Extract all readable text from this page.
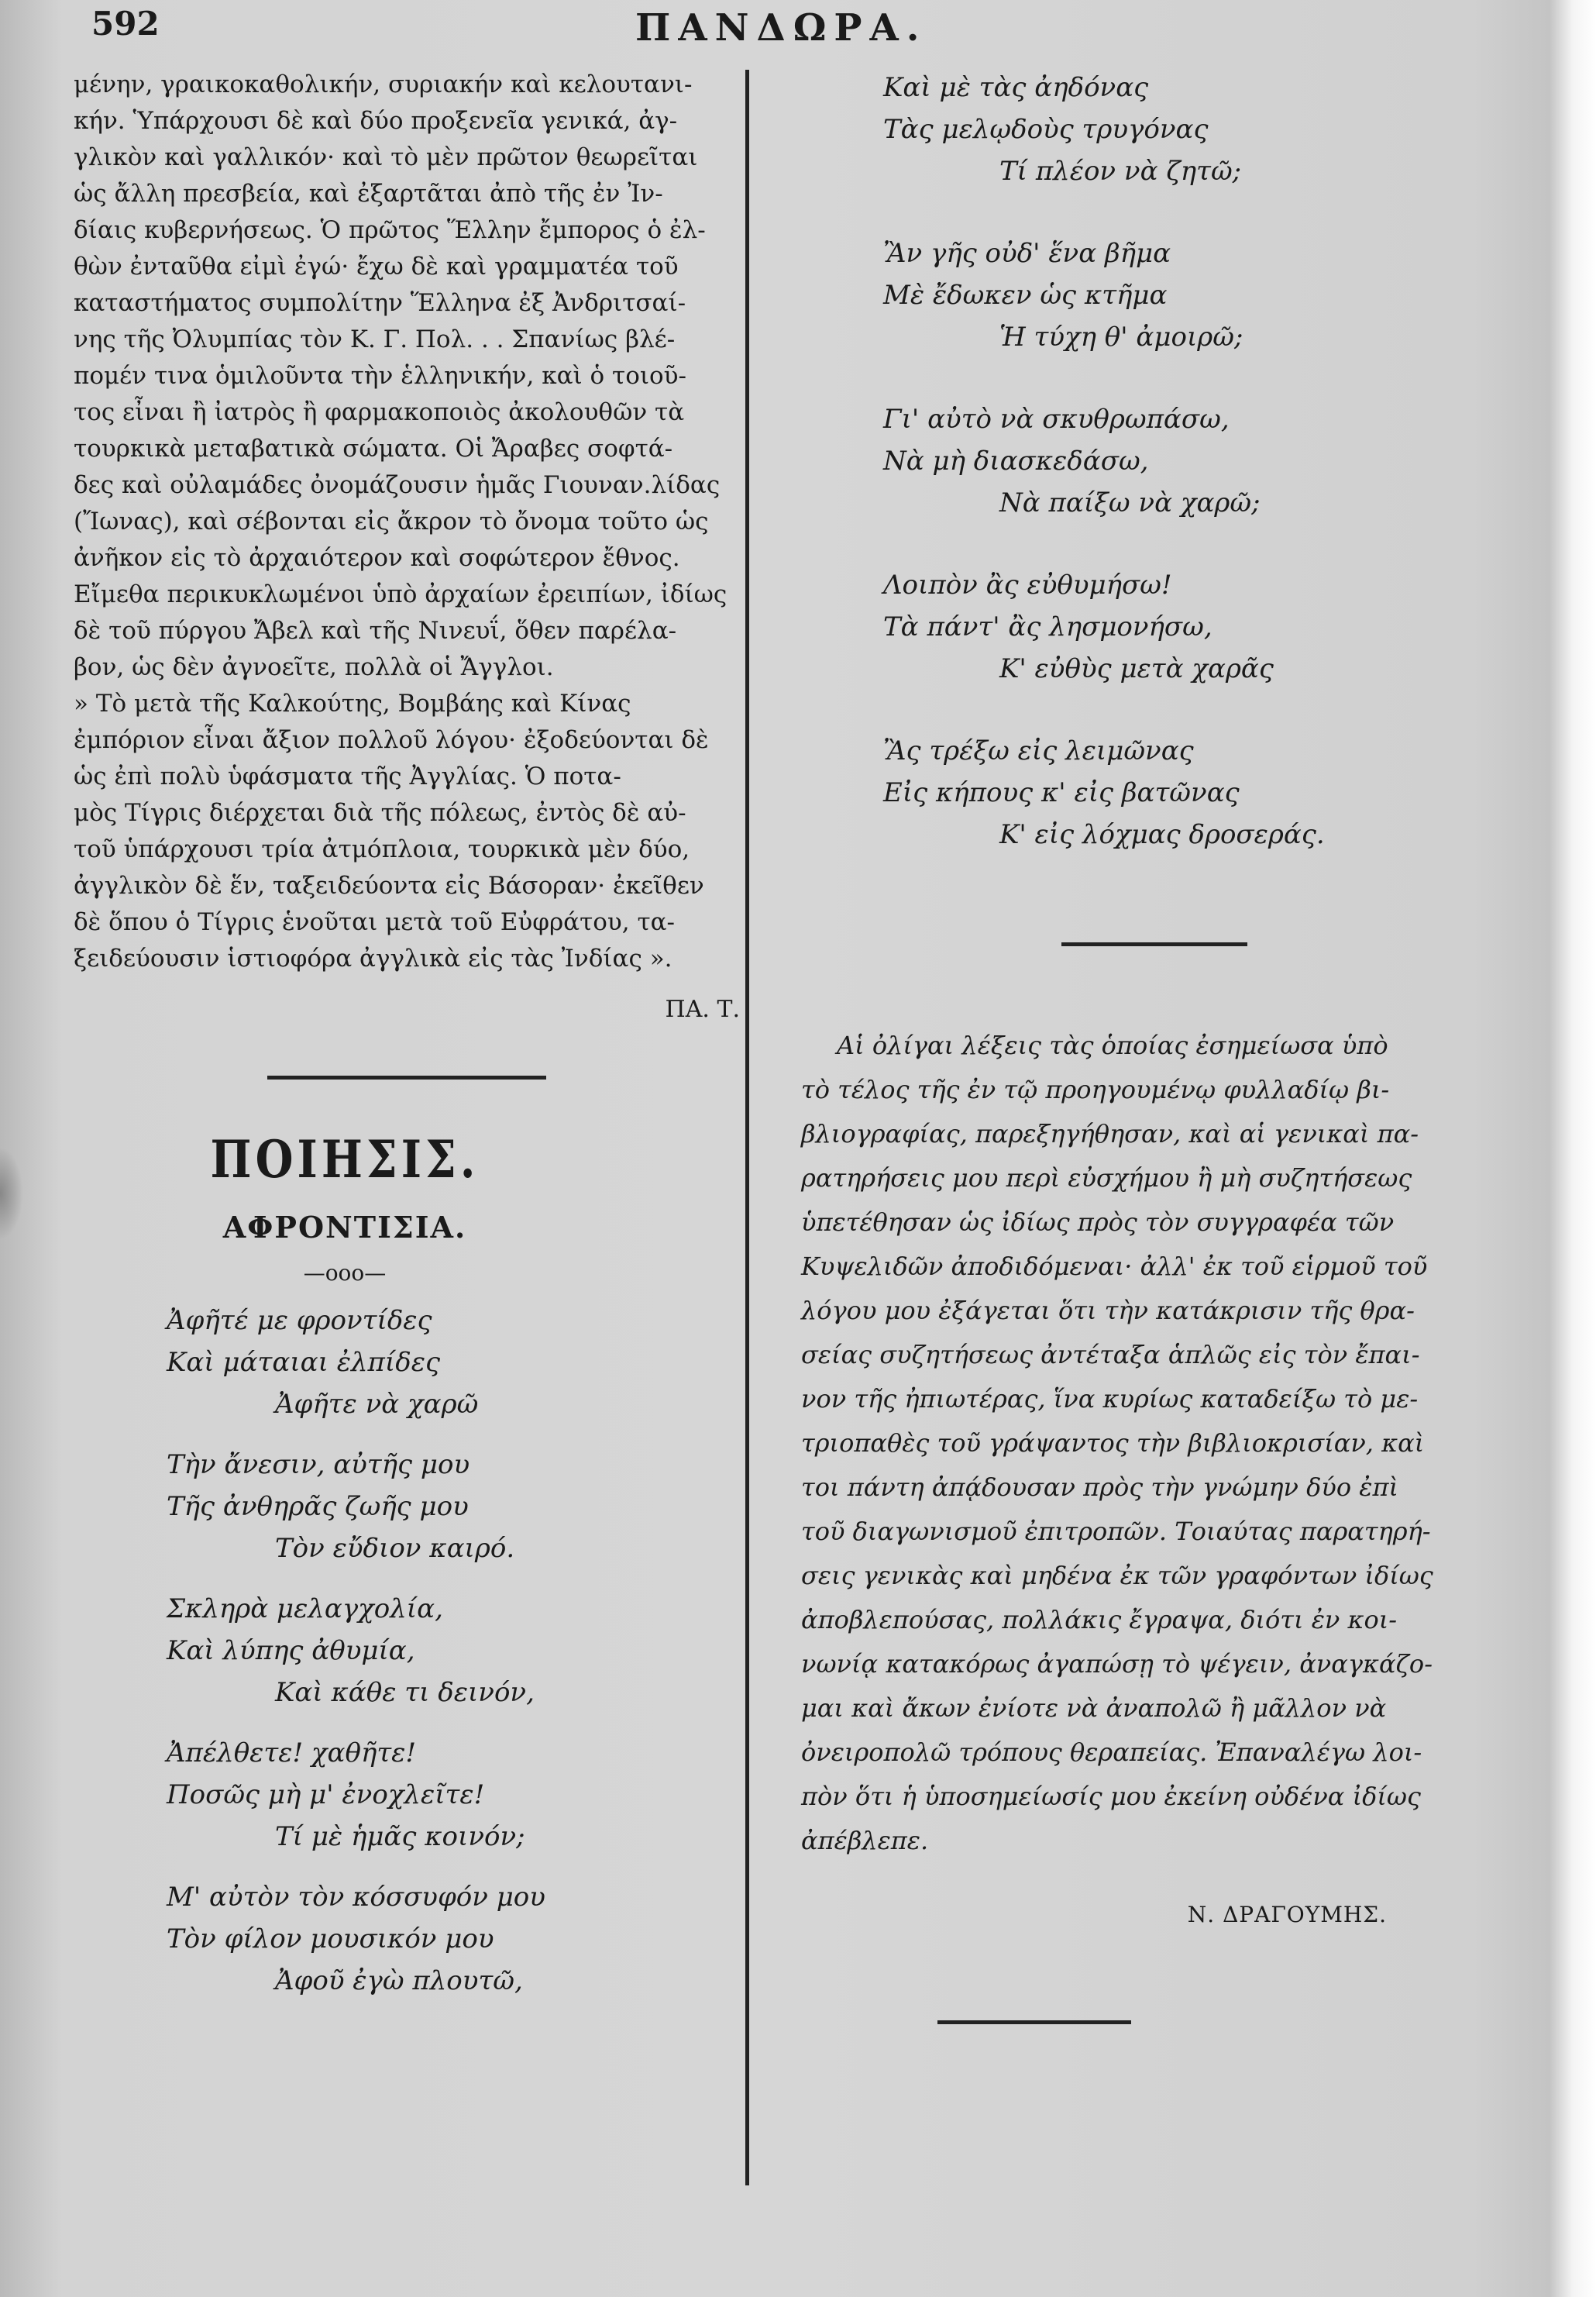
592	ΠΑΝΔΩΡΑ.
μένην, γραικοκαθολικήν, συριακήν καὶ κελουτανι-
κήν. Ὑπάρχουσι δὲ καὶ δύο προξενεῖα γενικά, ἀγ-
γλικὸν καὶ γαλλικόν· καὶ τὸ μὲν πρῶτον θεωρεῖται
ὡς ἄλλη πρεσβεία, καὶ ἐξαρτᾶται ἀπὸ τῆς ἐν Ἰν-
δίαις κυβερνήσεως. Ὁ πρῶτος Ἕλλην ἔμπορος ὁ ἐλ-
θὼν ἐνταῦθα εἰμὶ ἐγώ· ἔχω δὲ καὶ γραμματέα τοῦ
καταστήματος συμπολίτην Ἕλληνα ἐξ Ἀνδριτσαί-
νης τῆς Ὀλυμπίας τὸν Κ. Γ. Πολ. . . Σπανίως βλέ-
πομέν τινα ὁμιλοῦντα τὴν ἑλληνικήν, καὶ ὁ τοιοῦ-
τος εἶναι ἢ ἰατρὸς ἢ φαρμακοποιὸς ἀκολουθῶν τὰ
τουρκικὰ μεταβατικὰ σώματα. Οἱ Ἄραβες σοφτά-
δες καὶ οὐλαμάδες ὀνομάζουσιν ἡμᾶς Γιουναν.λίδας
(Ἴωνας), καὶ σέβονται εἰς ἄκρον τὸ ὄνομα τοῦτο ὡς
ἀνῆκον εἰς τὸ ἀρχαιότερον καὶ σοφώτερον ἔθνος.
Εἴμεθα περικυκλωμένοι ὑπὸ ἀρχαίων ἐρειπίων, ἰδίως
δὲ τοῦ πύργου Ἄβελ καὶ τῆς Νινευΐ, ὅθεν παρέλα-
βον, ὡς δὲν ἀγνοεῖτε, πολλὰ οἱ Ἄγγλοι.
» Τὸ μετὰ τῆς Καλκούτης, Βομβάης καὶ Κίνας
ἐμπόριον εἶναι ἄξιον πολλοῦ λόγου· ἐξοδεύονται δὲ
ὡς ἐπὶ πολὺ ὑφάσματα τῆς Ἀγγλίας. Ὁ ποτα-
μὸς Τίγρις διέρχεται διὰ τῆς πόλεως, ἐντὸς δὲ αὐ-
τοῦ ὑπάρχουσι τρία ἀτμόπλοια, τουρκικὰ μὲν δύο,
ἀγγλικὸν δὲ ἕν, ταξειδεύοντα εἰς Βάσοραν· ἐκεῖθεν
δὲ ὅπου ὁ Τίγρις ἑνοῦται μετὰ τοῦ Εὐφράτου, τα-
ξειδεύουσιν ἱστιοφόρα ἀγγλικὰ εἰς τὰς Ἰνδίας ».
ΠΑ. Τ.
ΠΟΙΗΣΙΣ.
ΑΦΡΟΝΤΙΣΙΑ.
—οοο—
Ἀφῆτέ με φροντίδες
Καὶ μάταιαι ἐλπίδες
Ἀφῆτε νὰ χαρῶ
Τὴν ἄνεσιν, αὐτῆς μου
Τῆς ἀνθηρᾶς ζωῆς μου
Τὸν εὔδιον καιρό.
Σκληρὰ μελαγχολία,
Καὶ λύπης ἀθυμία,
Καὶ κάθε τι δεινόν,
Ἀπέλθετε! χαθῆτε!
Ποσῶς μὴ μ' ἐνοχλεῖτε!
Τί μὲ ἡμᾶς κοινόν;
Μ' αὐτὸν τὸν κόσσυφόν μου
Τὸν φίλον μουσικόν μου
Ἀφοῦ ἐγὼ πλουτῶ,
Καὶ μὲ τὰς ἀηδόνας
Τὰς μελῳδοὺς τρυγόνας
Τί πλέον νὰ ζητῶ;
Ἂν γῆς οὐδ' ἕνα βῆμα
Μὲ ἔδωκεν ὡς κτῆμα
Ἡ τύχη θ' ἀμοιρῶ;
Γι' αὐτὸ νὰ σκυθρωπάσω,
Νὰ μὴ διασκεδάσω,
Νὰ παίξω νὰ χαρῶ;
Λοιπὸν ἂς εὐθυμήσω!
Τὰ πάντ' ἂς λησμονήσω,
Κ' εὐθὺς μετὰ χαρᾶς
Ἂς τρέξω εἰς λειμῶνας
Εἰς κήπους κ' εἰς βατῶνας
Κ' εἰς λόχμας δροσεράς.
Αἱ ὀλίγαι λέξεις τὰς ὁποίας ἐσημείωσα ὑπὸ
τὸ τέλος τῆς ἐν τῷ προηγουμένῳ φυλλαδίῳ βι-
βλιογραφίας, παρεξηγήθησαν, καὶ αἱ γενικαὶ πα-
ρατηρήσεις μου περὶ εὐσχήμου ἢ μὴ συζητήσεως
ὑπετέθησαν ὡς ἰδίως πρὸς τὸν συγγραφέα τῶν
Κυψελιδῶν ἀποδιδόμεναι· ἀλλ' ἐκ τοῦ εἱρμοῦ τοῦ
λόγου μου ἐξάγεται ὅτι τὴν κατάκρισιν τῆς θρα-
σείας συζητήσεως ἀντέταξα ἁπλῶς εἰς τὸν ἔπαι-
νον τῆς ἠπιωτέρας, ἵνα κυρίως καταδείξω τὸ με-
τριοπαθὲς τοῦ γράψαντος τὴν βιβλιοκρισίαν, καὶ
τοι πάντη ἀπᾴδουσαν πρὸς τὴν γνώμην δύο ἐπὶ
τοῦ διαγωνισμοῦ ἐπιτροπῶν. Τοιαύτας παρατηρή-
σεις γενικὰς καὶ μηδένα ἐκ τῶν γραφόντων ἰδίως
ἀποβλεπούσας, πολλάκις ἔγραψα, διότι ἐν κοι-
νωνίᾳ κατακόρως ἀγαπώσῃ τὸ ψέγειν, ἀναγκάζο-
μαι καὶ ἄκων ἐνίοτε νὰ ἀναπολῶ ἢ μᾶλλον νὰ
ὀνειροπολῶ τρόπους θεραπείας. Ἐπαναλέγω λοι-
πὸν ὅτι ἡ ὑποσημείωσίς μου ἐκείνη οὐδένα ἰδίως
ἀπέβλεπε.
Ν. ΔΡΑΓΟΥΜΗΣ.
